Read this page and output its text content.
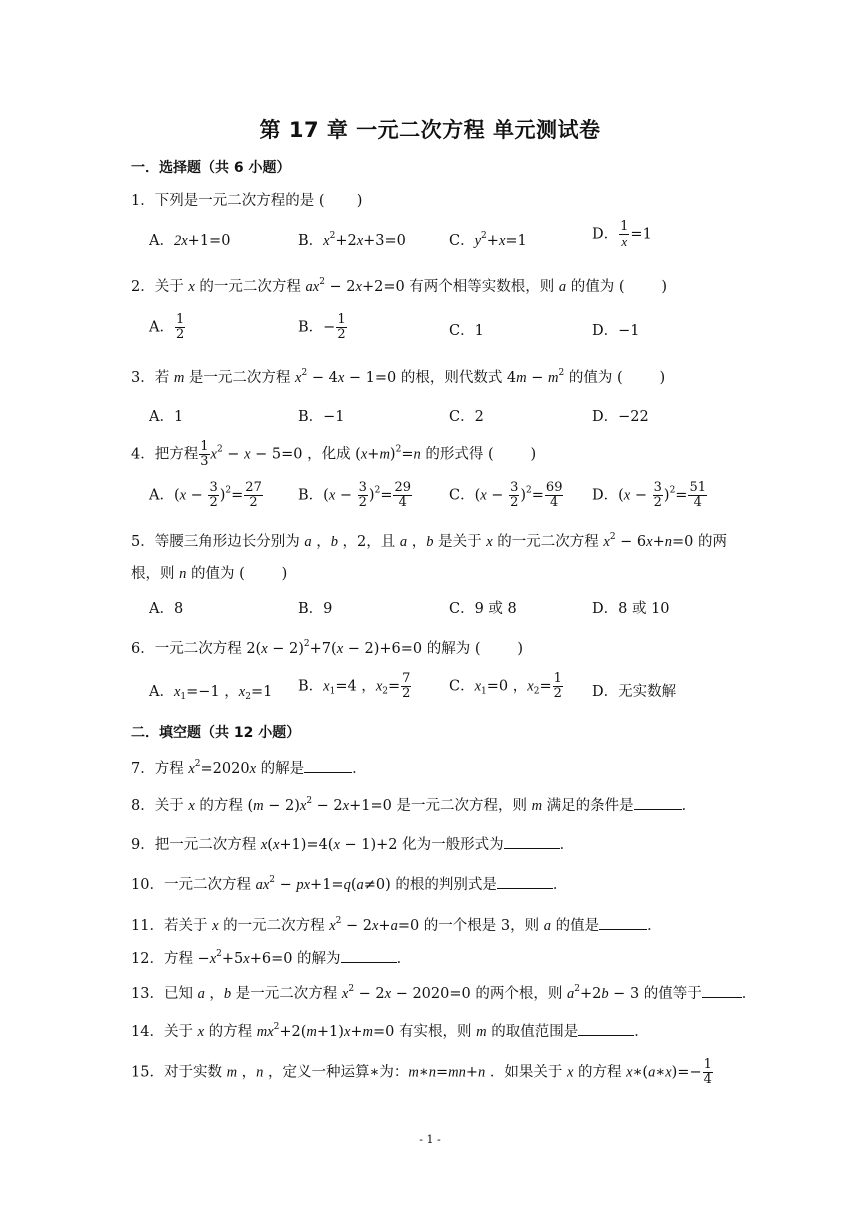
第 17 章 一元二次方程 单元测试卷
一．选择题（共 6 小题）
1．下列是一元二次方程的是 (       )
A．2x+1=0	B．$x^2+2x+3=0$	C．$y^2+x=1$	D． $\frac{1}{x} =1$
2．关于 x 的一元二次方程 $ax^2 - 2x+2=0$ 有两个相等实数根，则 a 的值为 (        )
A． $\frac{1}{2}$	B．− $\frac{1}{2}$	C．1	D．−1
3．若 m 是一元二次方程 $x^2 - 4x - 1=0$ 的根，则代数式 $4m - m^2$ 的值为 (        )
A．1	B．−1	C．2	D．−22
4．把方程 $\frac{1}{3} x^2 - x - 5=0$ ，化成 $(x+m)^2=n$ 的形式得 (        )
A．$(x - \frac{3}{2} )^2= \frac{27}{2}$ B．$(x - \frac{3}{2} )^2= \frac{29}{4}$	C．$(x - \frac{3}{2} )^2= \frac{69}{4}$ D．$(x - \frac{3}{2} )^2= \frac{51}{4}$
5．等腰三角形边长分别为 a ，b ，2，且 a ，b 是关于 x 的一元二次方程 $x^2 - 6x+n=0$ 的两
根，则 n 的值为 (        )
A．8	B．9	C．9 或 8	D．8 或 10
6．一元二次方程 $2(x - 2)^2+7(x - 2)+6=0$ 的解为 (        )
A．$x_1=-1$ ，$x_2=1$ B．$x_1=4$ ，$x_2= \frac{7}{2}$	C．$x_1=0$ ，$x_2= \frac{1}{2}$ D．无实数解
二．填空题（共 12 小题）
7．方程 $x^2=2020x$ 的解是	．
8．关于 x 的方程 $(m - 2)x^2 - 2x+1=0$ 是一元二次方程，则 m 满足的条件是	．
9．把一元二次方程 x(x+1)=4(x − 1)+2 化为一般形式为	．
10．一元二次方程 $ax^2 - px+1=q(a\ne 0)$ 的根的判别式是	．
11．若关于 x 的一元二次方程 $x^2 - 2x+a=0$ 的一个根是 3，则 a 的值是	．
12．方程 $-x^2+5x+6=0$ 的解为	．
13．已知 a ，b 是一元二次方程 $x^2 - 2x - 2020=0$ 的两个根，则 $a^2+2b - 3$ 的值等于	．
14．关于 x 的方程 $mx^2+2(m+1)x+m=0$ 有实根，则 m 的取值范围是	．
15．对于实数 m ，n ，定义一种运算∗为：m∗n=mn+n ．如果关于 x 的方程 x∗(a∗x)=− $\frac{1}{4}$
- 1 -
